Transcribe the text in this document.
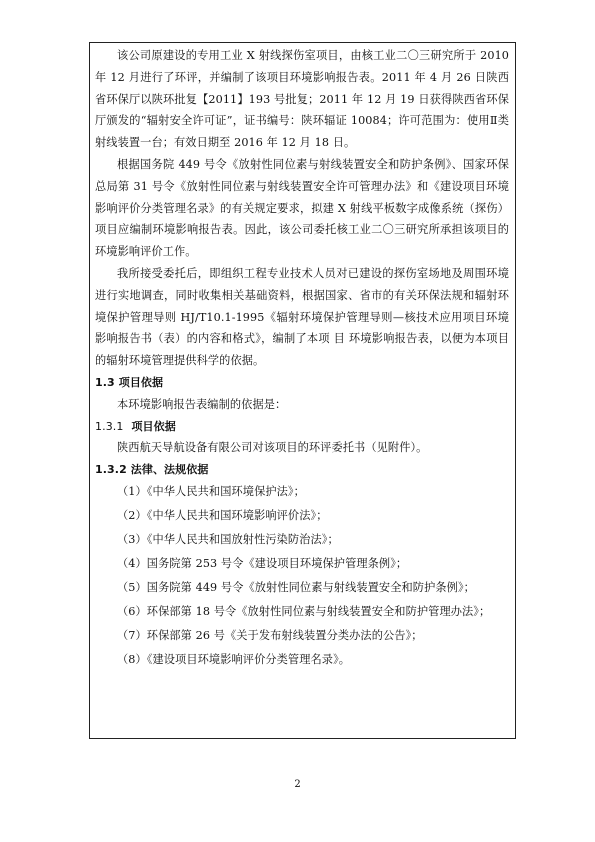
该公司原建设的专用工业 X 射线探伤室项目，由核工业二〇三研究所于 2010 年 12 月进行了环评，并编制了该项目环境影响报告表。2011 年 4 月 26 日陕西省环保厅以陕环批复【2011】193 号批复；2011 年 12 月 19 日获得陕西省环保厅颁发的“辐射安全许可证”，证书编号：陕环辐证 10084；许可范围为：使用Ⅱ类射线装置一台；有效日期至 2016 年 12 月 18 日。

根据国务院 449 号令《放射性同位素与射线装置安全和防护条例》、国家环保总局第 31 号令《放射性同位素与射线装置安全许可管理办法》和《建设项目环境影响评价分类管理名录》的有关规定要求，拟建 X 射线平板数字成像系统（探伤）项目应编制环境影响报告表。因此，该公司委托核工业二〇三研究所承担该项目的环境影响评价工作。

我所接受委托后，即组织工程专业技术人员对已建设的探伤室场地及周围环境进行实地调查，同时收集相关基础资料，根据国家、省市的有关环保法规和辐射环境保护管理导则 HJ/T10.1-1995《辐射环境保护管理导则—核技术应用项目环境影响报告书（表）的内容和格式》，编制了本项 目 环境影响报告表，以便为本项目的辐射环境管理提供科学的依据。

1.3 项目依据

本环境影响报告表编制的依据是：

1.3.1 项目依据

陕西航天导航设备有限公司对该项目的环评委托书（见附件）。

1.3.2 法律、法规依据

（1）《中华人民共和国环境保护法》；
（2）《中华人民共和国环境影响评价法》；
（3）《中华人民共和国放射性污染防治法》；
（4）国务院第 253 号令《建设项目环境保护管理条例》；
（5）国务院第 449 号令《放射性同位素与射线装置安全和防护条例》；
（6）环保部第 18 号令《放射性同位素与射线装置安全和防护管理办法》；
（7）环保部第 26 号《关于发布射线装置分类办法的公告》；
（8）《建设项目环境影响评价分类管理名录》。
2
